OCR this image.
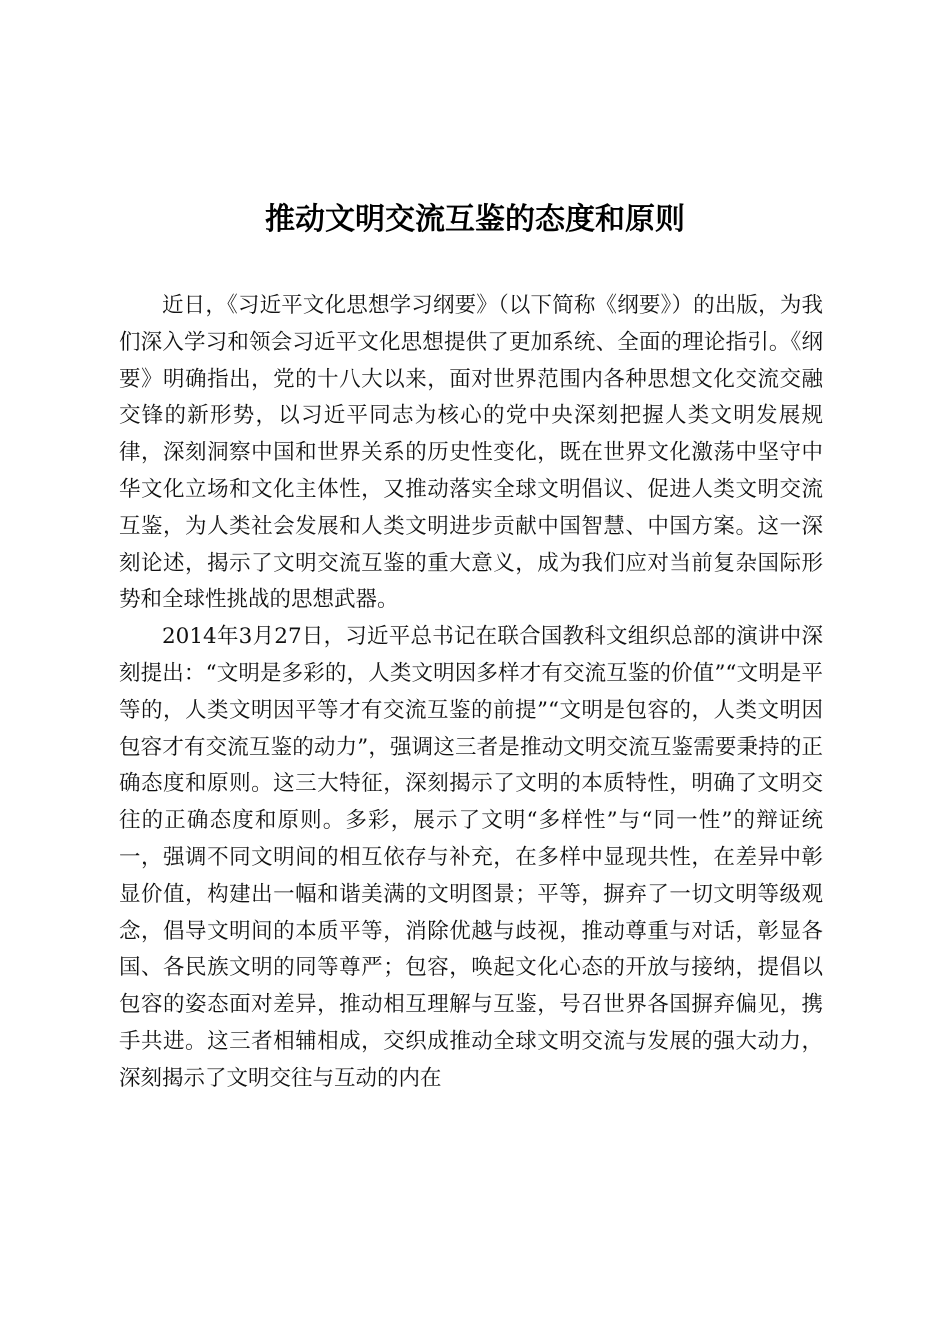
推动文明交流互鉴的态度和原则

近日，《习近平文化思想学习纲要》（以下简称《纲要》）的出版，为我们深入学习和领会习近平文化思想提供了更加系统、全面的理论指引。《纲要》明确指出，党的十八大以来，面对世界范围内各种思想文化交流交融交锋的新形势，以习近平同志为核心的党中央深刻把握人类文明发展规律，深刻洞察中国和世界关系的历史性变化，既在世界文化激荡中坚守中华文化立场和文化主体性，又推动落实全球文明倡议、促进人类文明交流互鉴，为人类社会发展和人类文明进步贡献中国智慧、中国方案。这一深刻论述，揭示了文明交流互鉴的重大意义，成为我们应对当前复杂国际形势和全球性挑战的思想武器。

2014年3月27日，习近平总书记在联合国教科文组织总部的演讲中深刻提出：“文明是多彩的，人类文明因多样才有交流互鉴的价值”“文明是平等的，人类文明因平等才有交流互鉴的前提”“文明是包容的，人类文明因包容才有交流互鉴的动力”，强调这三者是推动文明交流互鉴需要秉持的正确态度和原则。这三大特征，深刻揭示了文明的本质特性，明确了文明交往的正确态度和原则。多彩，展示了文明“多样性”与“同一性”的辩证统一，强调不同文明间的相互依存与补充，在多样中显现共性，在差异中彰显价值，构建出一幅和谐美满的文明图景；平等，摒弃了一切文明等级观念，倡导文明间的本质平等，消除优越与歧视，推动尊重与对话，彰显各国、各民族文明的同等尊严；包容，唤起文化心态的开放与接纳，提倡以包容的姿态面对差异，推动相互理解与互鉴，号召世界各国摒弃偏见，携手共进。这三者相辅相成，交织成推动全球文明交流与发展的强大动力，深刻揭示了文明交往与互动的内在
